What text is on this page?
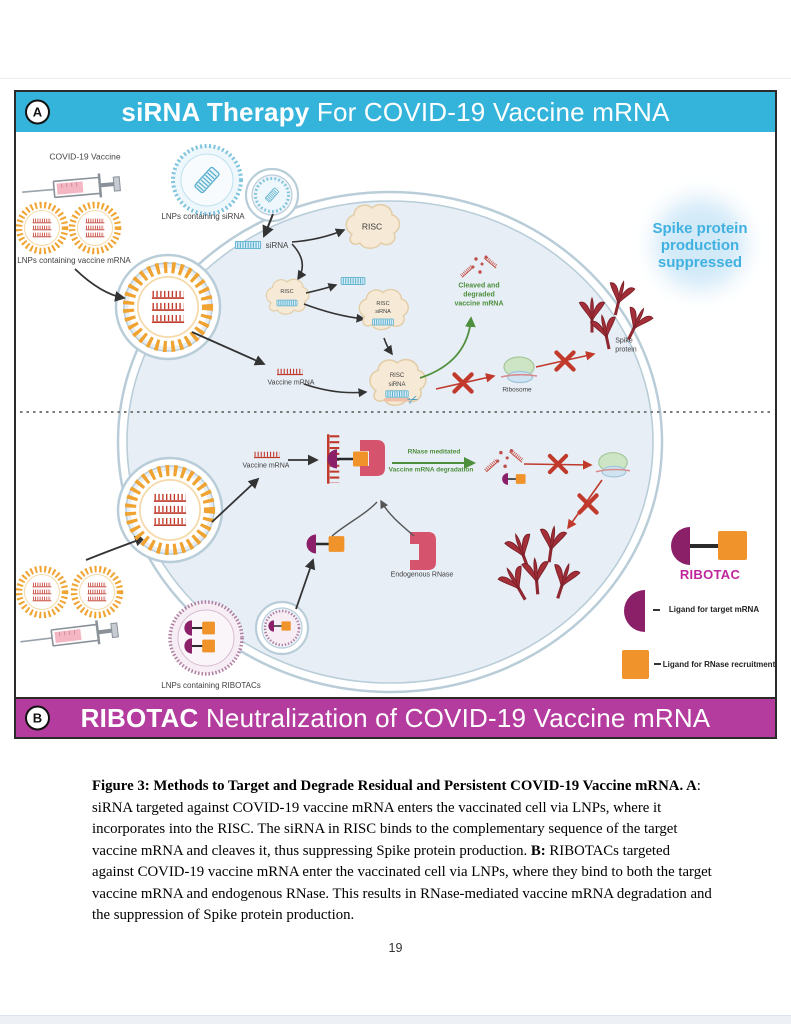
A	siRNA Therapy For COVID-19 Vaccine mRNA
✂
COVID-19 Vaccine
LNPs containing vaccine mRNA
LNPs containing siRNA
siRNA
RISC
RISC
RISC
siRNA
RISC
siRNA
Cleaved and
degraded
vaccine mRNA
Vaccine mRNA
Ribosome
Spike
protein
Spike protein
production
suppressed
Vaccine mRNA
RNase meditated
Vaccine mRNA degradation
Endogenous RNase
LNPs containing RIBOTACs
RIBOTAC
Ligand for target mRNA
Ligand for RNase recruitment
B	RIBOTAC Neutralization of COVID-19 Vaccine mRNA
Figure 3: Methods to Target and Degrade Residual and Persistent COVID-19 Vaccine mRNA. A: siRNA targeted against COVID-19 vaccine mRNA enters the vaccinated cell via LNPs, where it incorporates into the RISC. The siRNA in RISC binds to the complementary sequence of the target vaccine mRNA and cleaves it, thus suppressing Spike protein production. B: RIBOTACs targeted against COVID-19 vaccine mRNA enter the vaccinated cell via LNPs, where they bind to both the target vaccine mRNA and endogenous RNase. This results in RNase-mediated vaccine mRNA degradation and the suppression of Spike protein production.
19
